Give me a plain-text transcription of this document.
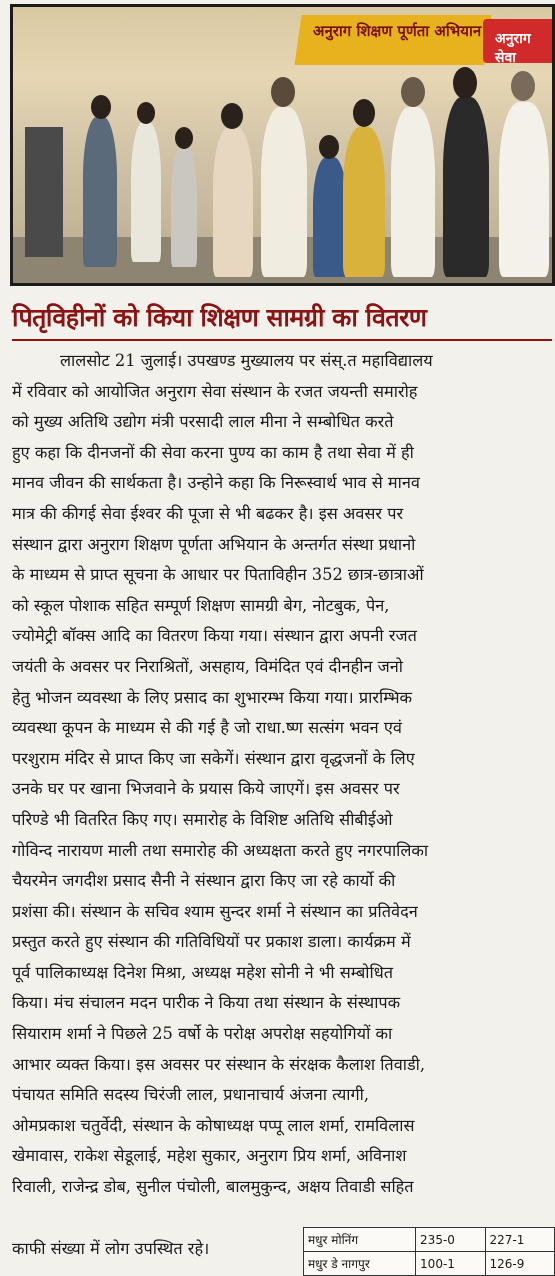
अनुराग शिक्षण पूर्णता अभियान अनुराग सेवा
पितृविहीनों को किया शिक्षण सामग्री का वितरण
लालसोट 21 जुलाई। उपखण्ड मुख्यालय पर संस्.त महाविद्यालय
में रविवार को आयोजित अनुराग सेवा संस्थान के रजत जयन्ती समारोह
को मुख्य अतिथि उद्योग मंत्री परसादी लाल मीना ने सम्बोधित करते
हुए कहा कि दीनजनों की सेवा करना पुण्य का काम है तथा सेवा में ही
मानव जीवन की सार्थकता है। उन्होने कहा कि निरूस्वार्थ भाव से मानव
मात्र की कीगई सेवा ईश्वर की पूजा से भी बढकर है। इस अवसर पर
संस्थान द्वारा अनुराग शिक्षण पूर्णता अभियान के अन्तर्गत संस्था प्रधानो
के माध्यम से प्राप्त सूचना के आधार पर पिताविहीन 352 छात्र-छात्राओं
को स्कूल पोशाक सहित सम्पूर्ण शिक्षण सामग्री बेग, नोटबुक, पेन,
ज्योमेट्री बॉक्स आदि का वितरण किया गया। संस्थान द्वारा अपनी रजत
जयंती के अवसर पर निराश्रितों, असहाय, विमंदित एवं दीनहीन जनो
हेतु भोजन व्यवस्था के लिए प्रसाद का शुभारम्भ किया गया। प्रारम्भिक
व्यवस्था कूपन के माध्यम से की गई है जो राधा.ष्ण सत्संग भवन एवं
परशुराम मंदिर से प्राप्त किए जा सकेगें। संस्थान द्वारा वृद्धजनों के लिए
उनके घर पर खाना भिजवाने के प्रयास किये जाएगें। इस अवसर पर
परिण्डे भी वितरित किए गए। समारोह के विशिष्ट अतिथि सीबीईओ
गोविन्द नारायण माली तथा समारोह की अध्यक्षता करते हुए नगरपालिका
चैयरमेन जगदीश प्रसाद सैनी ने संस्थान द्वारा किए जा रहे कार्यो की
प्रशंसा की। संस्थान के सचिव श्याम सुन्दर शर्मा ने संस्थान का प्रतिवेदन
प्रस्तुत करते हुए संस्थान की गतिविधियों पर प्रकाश डाला। कार्यक्रम में
पूर्व पालिकाध्यक्ष दिनेश मिश्रा, अध्यक्ष महेश सोनी ने भी सम्बोधित
किया। मंच संचालन मदन पारीक ने किया तथा संस्थान के संस्थापक
सियाराम शर्मा ने पिछले 25 वर्षो के परोक्ष अपरोक्ष सहयोगियों का
आभार व्यक्त किया। इस अवसर पर संस्थान के संरक्षक कैलाश तिवाडी,
पंचायत समिति सदस्य चिरंजी लाल, प्रधानाचार्य अंजना त्यागी,
ओमप्रकाश चतुर्वेदी, संस्थान के कोषाध्यक्ष पप्पू लाल शर्मा, रामविलास
खेमावास, राकेश सेडूलाई, महेश सुकार, अनुराग प्रिय शर्मा, अविनाश
रिवाली, राजेन्द्र डोब, सुनील पंचोली, बालमुकुन्द, अक्षय तिवाडी सहित
काफी संख्या में लोग उपस्थित रहे।	मधुर मोनिंग	235-0	227-1
मधुर डे नागपुर	100-1	126-9
